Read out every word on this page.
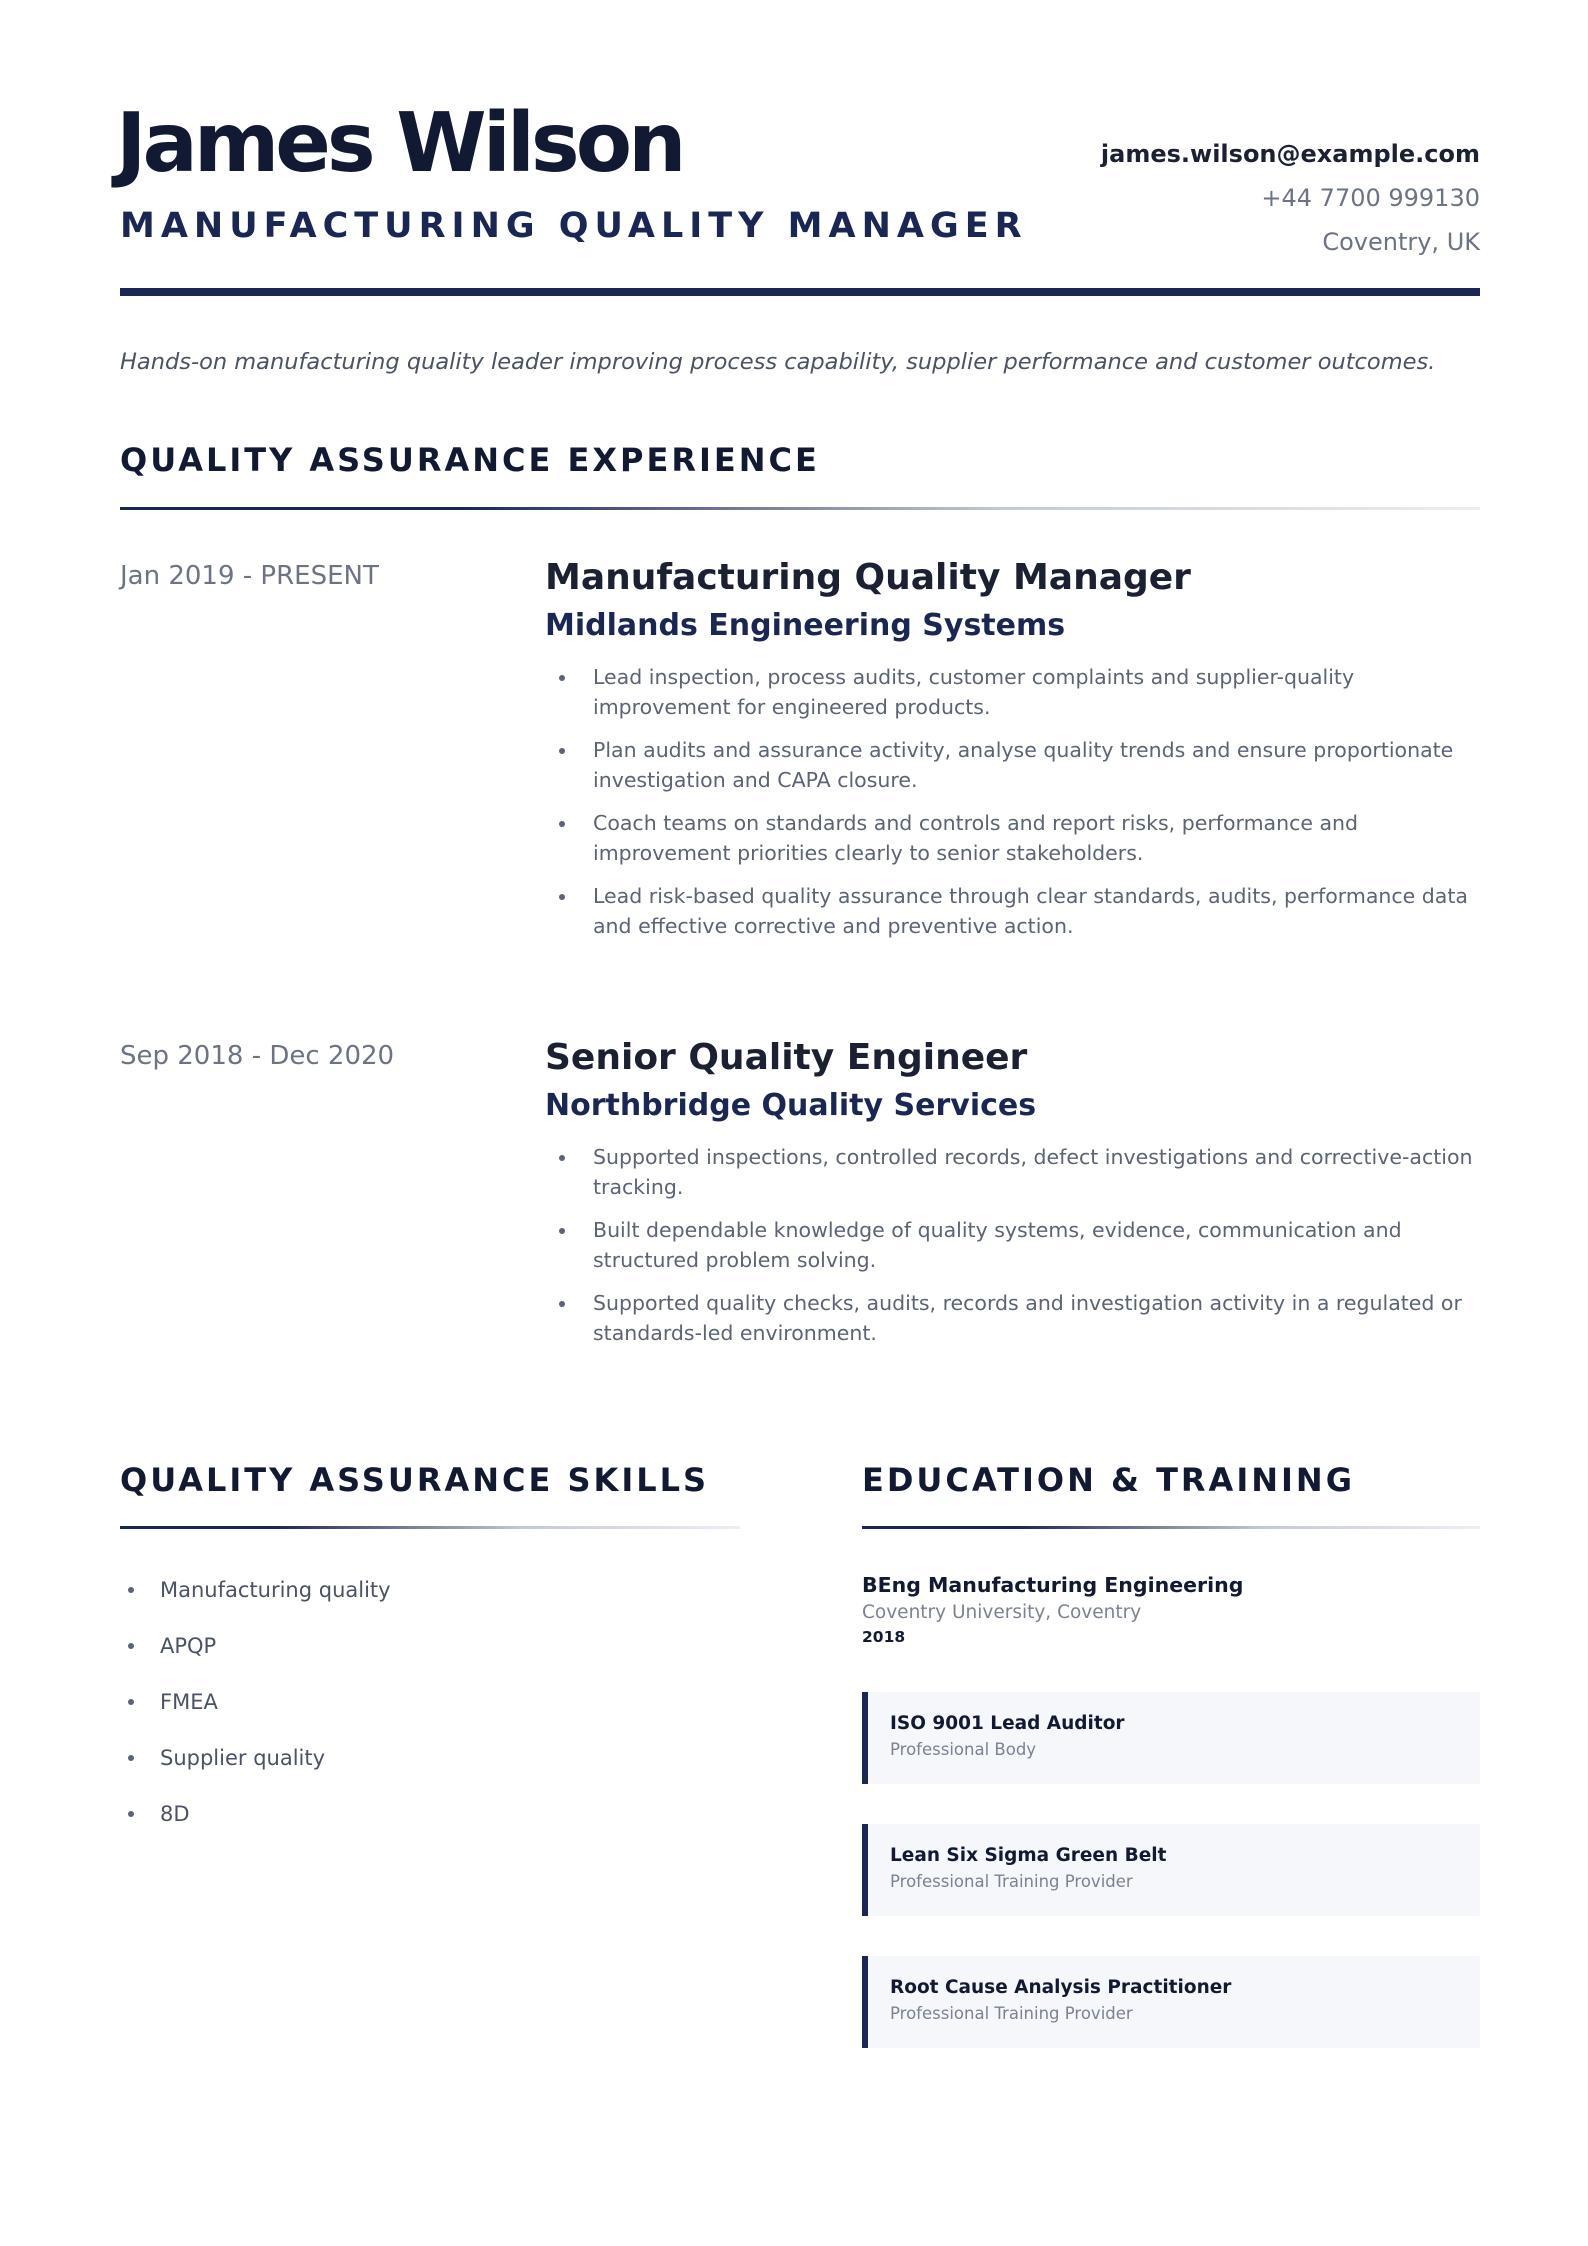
James Wilson
MANUFACTURING QUALITY MANAGER
james.wilson@example.com
+44 7700 999130
Coventry, UK

Hands-on manufacturing quality leader improving process capability, supplier performance and customer outcomes.

QUALITY ASSURANCE EXPERIENCE
Jan 2019 - PRESENT	Manufacturing Quality Manager
Midlands Engineering Systems
Lead inspection, process audits, customer complaints and supplier-quality improvement for engineered products.
Plan audits and assurance activity, analyse quality trends and ensure proportionate investigation and CAPA closure.
Coach teams on standards and controls and report risks, performance and improvement priorities clearly to senior stakeholders.
Lead risk-based quality assurance through clear standards, audits, performance data and effective corrective and preventive action.
Sep 2018 - Dec 2020	Senior Quality Engineer
Northbridge Quality Services
Supported inspections, controlled records, defect investigations and corrective-action tracking.
Built dependable knowledge of quality systems, evidence, communication and structured problem solving.
Supported quality checks, audits, records and investigation activity in a regulated or standards-led environment.
QUALITY ASSURANCE SKILLS
Manufacturing quality
APQP
FMEA
Supplier quality
8D
EDUCATION & TRAINING
BEng Manufacturing Engineering
Coventry University, Coventry
2018
ISO 9001 Lead Auditor
Professional Body
Lean Six Sigma Green Belt
Professional Training Provider
Root Cause Analysis Practitioner
Professional Training Provider
